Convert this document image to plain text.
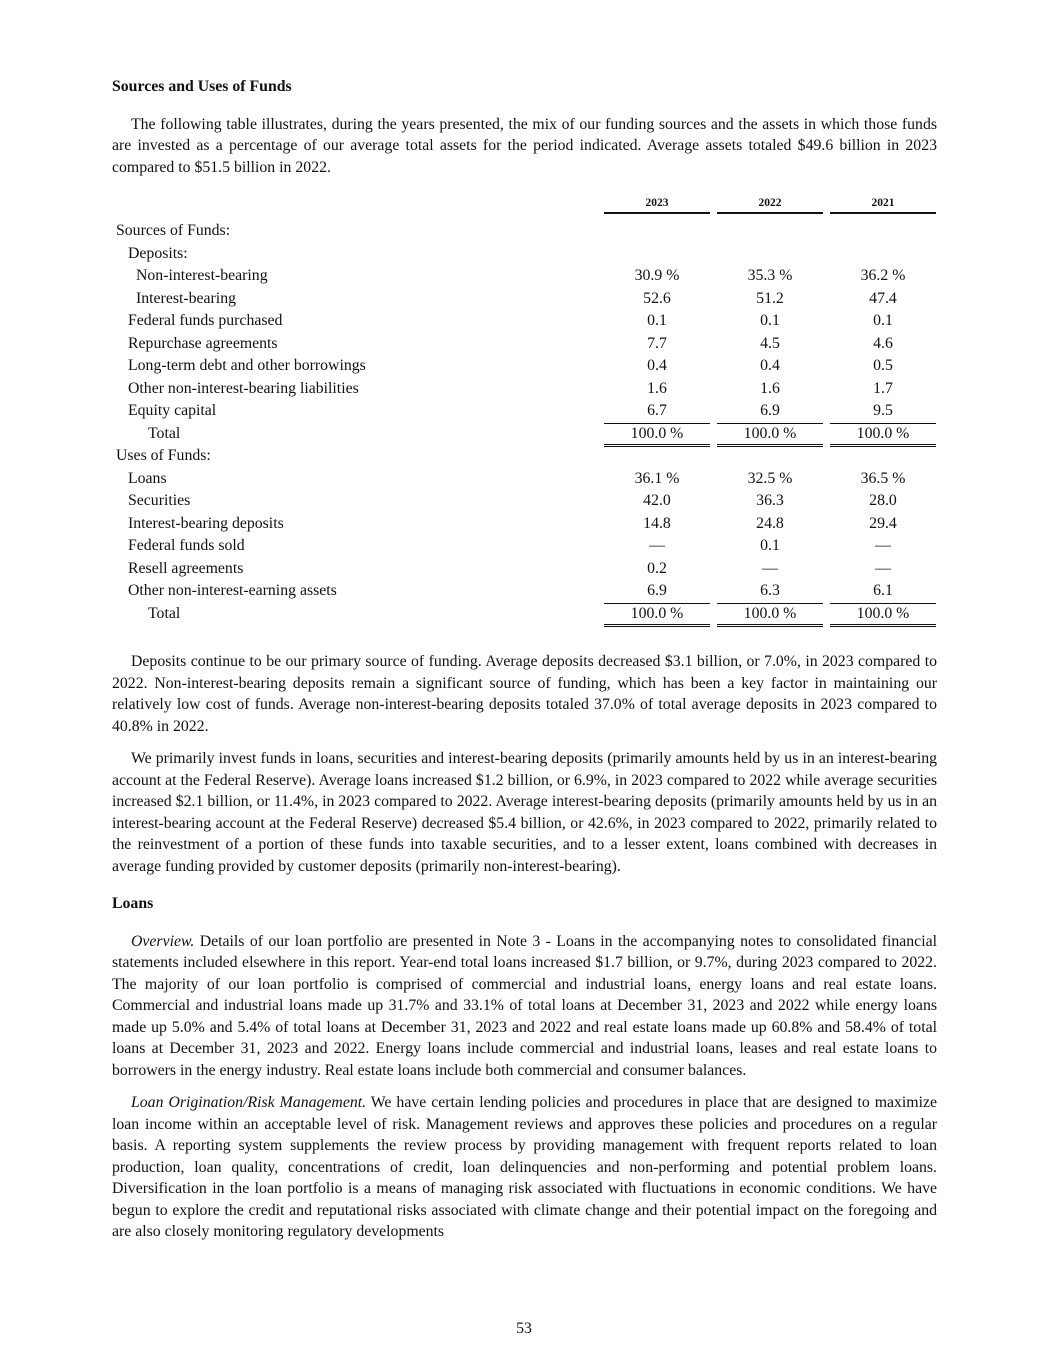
Sources and Uses of Funds

The following table illustrates, during the years presented, the mix of our funding sources and the assets in which those funds are invested as a percentage of our average total assets for the period indicated. Average assets totaled $49.6 billion in 2023 compared to $51.5 billion in 2022.

2023	2022	2021
Sources of Funds:
Deposits:
Non-interest-bearing	30.9 %	35.3 %	36.2 %
Interest-bearing	52.6	51.2	47.4
Federal funds purchased	0.1	0.1	0.1
Repurchase agreements	7.7	4.5	4.6
Long-term debt and other borrowings	0.4	0.4	0.5
Other non-interest-bearing liabilities	1.6	1.6	1.7
Equity capital	6.7	6.9	9.5
Total	100.0 %	100.0 %	100.0 %
Uses of Funds:
Loans	36.1 %	32.5 %	36.5 %
Securities	42.0	36.3	28.0
Interest-bearing deposits	14.8	24.8	29.4
Federal funds sold	—	0.1	—
Resell agreements	0.2	—	—
Other non-interest-earning assets	6.9	6.3	6.1
Total	100.0 %	100.0 %	100.0 %

Deposits continue to be our primary source of funding. Average deposits decreased $3.1 billion, or 7.0%, in 2023 compared to 2022. Non-interest-bearing deposits remain a significant source of funding, which has been a key factor in maintaining our relatively low cost of funds. Average non-interest-bearing deposits totaled 37.0% of total average deposits in 2023 compared to 40.8% in 2022.

We primarily invest funds in loans, securities and interest-bearing deposits (primarily amounts held by us in an interest-bearing account at the Federal Reserve). Average loans increased $1.2 billion, or 6.9%, in 2023 compared to 2022 while average securities increased $2.1 billion, or 11.4%, in 2023 compared to 2022. Average interest-bearing deposits (primarily amounts held by us in an interest-bearing account at the Federal Reserve) decreased $5.4 billion, or 42.6%, in 2023 compared to 2022, primarily related to the reinvestment of a portion of these funds into taxable securities, and to a lesser extent, loans combined with decreases in average funding provided by customer deposits (primarily non-interest-bearing).

Loans

Overview. Details of our loan portfolio are presented in Note 3 - Loans in the accompanying notes to consolidated financial statements included elsewhere in this report. Year-end total loans increased $1.7 billion, or 9.7%, during 2023 compared to 2022. The majority of our loan portfolio is comprised of commercial and industrial loans, energy loans and real estate loans. Commercial and industrial loans made up 31.7% and 33.1% of total loans at December 31, 2023 and 2022 while energy loans made up 5.0% and 5.4% of total loans at December 31, 2023 and 2022 and real estate loans made up 60.8% and 58.4% of total loans at December 31, 2023 and 2022. Energy loans include commercial and industrial loans, leases and real estate loans to borrowers in the energy industry. Real estate loans include both commercial and consumer balances.

Loan Origination/Risk Management. We have certain lending policies and procedures in place that are designed to maximize loan income within an acceptable level of risk. Management reviews and approves these policies and procedures on a regular basis. A reporting system supplements the review process by providing management with frequent reports related to loan production, loan quality, concentrations of credit, loan delinquencies and non-performing and potential problem loans. Diversification in the loan portfolio is a means of managing risk associated with fluctuations in economic conditions. We have begun to explore the credit and reputational risks associated with climate change and their potential impact on the foregoing and are also closely monitoring regulatory developments

53
